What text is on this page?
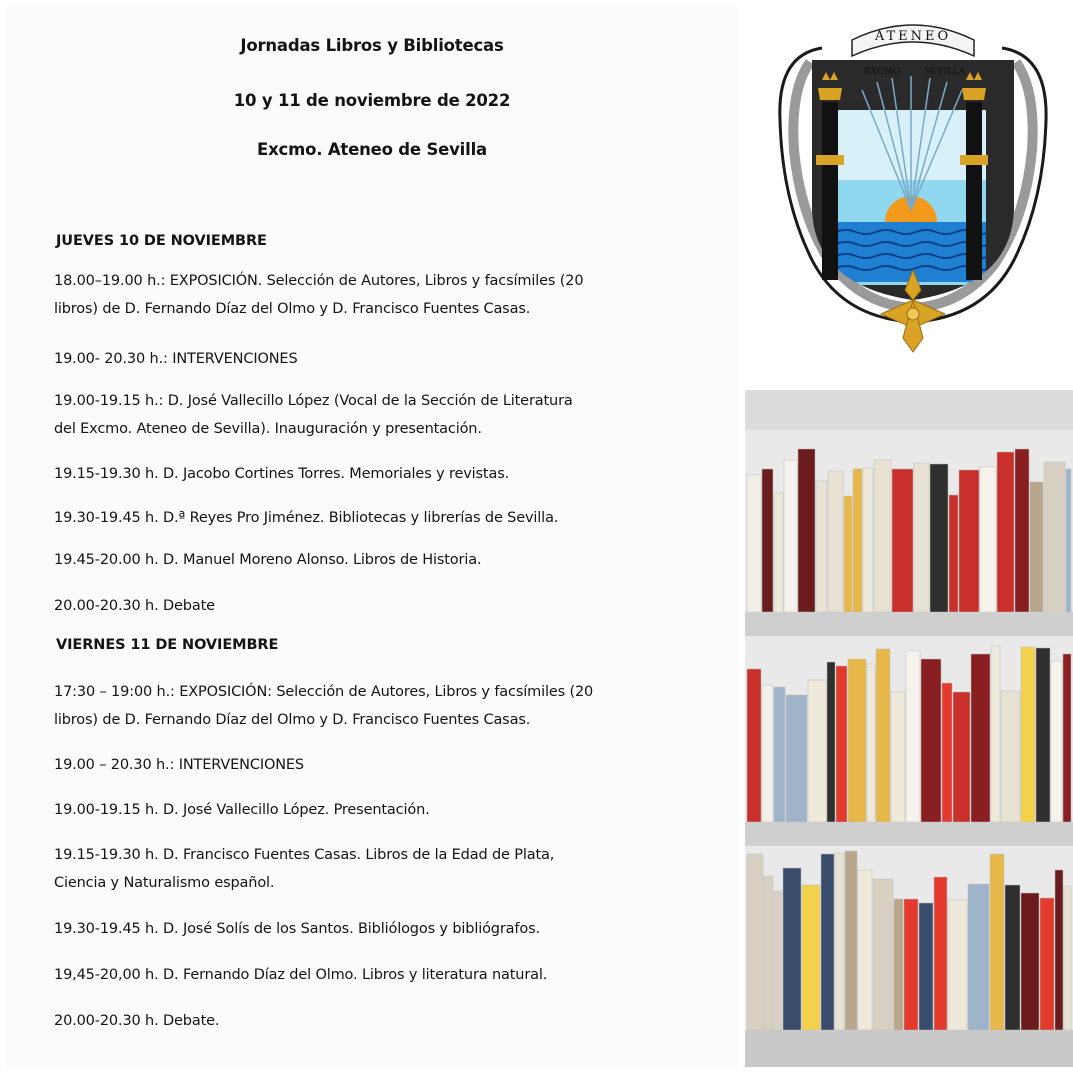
Jornadas Libros y Bibliotecas

10 y 11 de noviembre de 2022

Excmo. Ateneo de Sevilla

JUEVES 10 DE NOVIEMBRE

18.00–19.00 h.: EXPOSICIÓN. Selección de Autores, Libros y facsímiles (20
libros) de D. Fernando Díaz del Olmo y D. Francisco Fuentes Casas.

19.00- 20.30 h.: INTERVENCIONES

19.00-19.15 h.: D. José Vallecillo López (Vocal de la Sección de Literatura
del Excmo. Ateneo de Sevilla). Inauguración y presentación.

19.15-19.30 h. D. Jacobo Cortines Torres. Memoriales y revistas.

19.30-19.45 h. D.ª Reyes Pro Jiménez. Bibliotecas y librerías de Sevilla.

19.45-20.00 h. D. Manuel Moreno Alonso. Libros de Historia.

20.00-20.30 h. Debate

VIERNES 11 DE NOVIEMBRE

17:30 – 19:00 h.: EXPOSICIÓN: Selección de Autores, Libros y facsímiles (20
libros) de D. Fernando Díaz del Olmo y D. Francisco Fuentes Casas.

19.00 – 20.30 h.: INTERVENCIONES

19.00-19.15 h. D. José Vallecillo López. Presentación.

19.15-19.30 h. D. Francisco Fuentes Casas. Libros de la Edad de Plata,
Ciencia y Naturalismo español.

19.30-19.45 h. D. José Solís de los Santos. Bibliólogos y bibliógrafos.

19,45-20,00 h. D. Fernando Díaz del Olmo. Libros y literatura natural.

20.00-20.30 h. Debate.

ATENEO
EXCMO	SEVILLA
